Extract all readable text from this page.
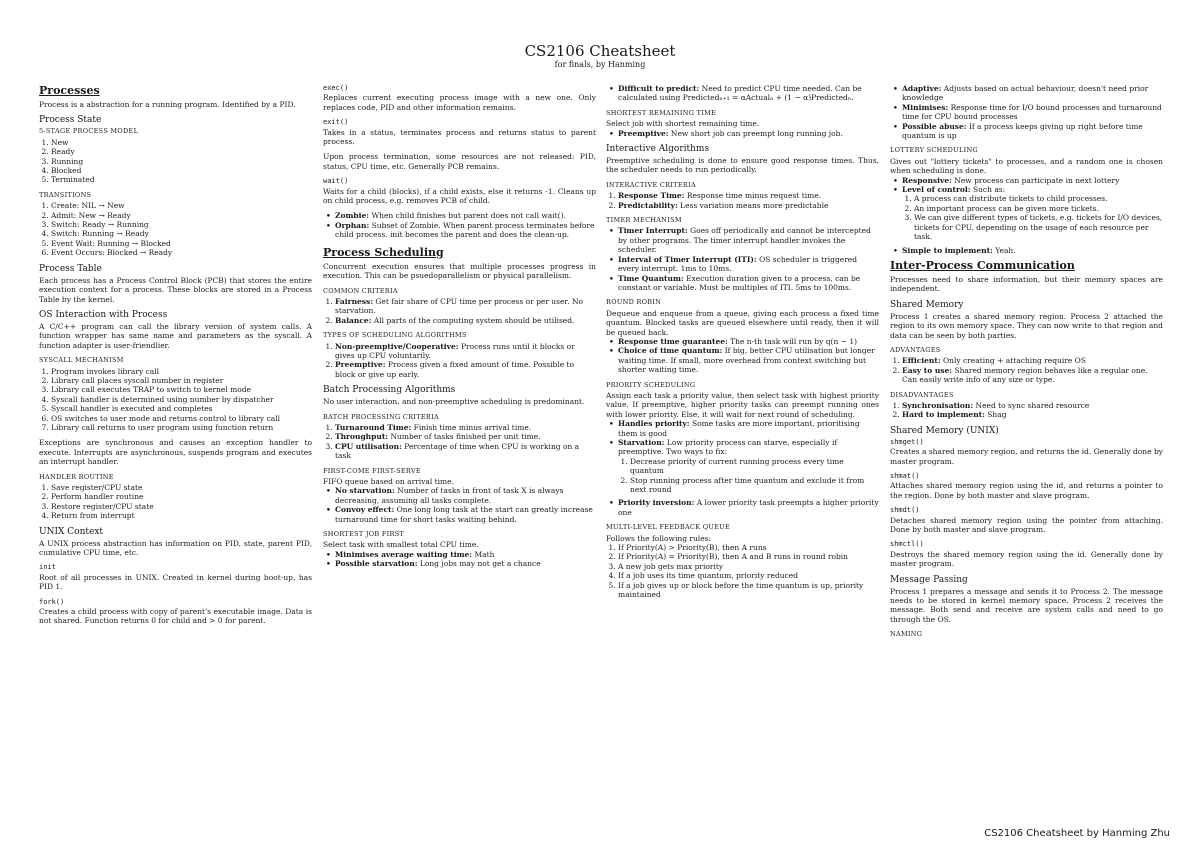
CS2106 Cheatsheet
for finals, by Hanming
Processes

Process is a abstraction for a running program. Identified by a PID.

Process State
5-STAGE PROCESS MODEL
1. New
2. Ready
3. Running
4. Blocked
5. Terminated
TRANSITIONS
1. Create: NIL → New
2. Admit: New → Ready
3. Switch: Ready → Running
4. Switch: Running → Ready
5. Event Wait: Running → Blocked
6. Event Occurs: Blocked → Ready
Process Table

Each process has a Process Control Block (PCB) that stores the entire execution context for a process. These blocks are stored in a Process Table by the kernel.

OS Interaction with Process

A C/C++ program can call the library version of system calls. A function wrapper has same name and parameters as the syscall. A function adapter is user-friendlier.

SYSCALL MECHANISM
1. Program invokes library call
2. Library call places syscall number in register
3. Library call executes TRAP to switch to kernel mode
4. Syscall handler is determined using number by dispatcher
5. Syscall handler is executed and completes
6. OS switches to user mode and returns control to library call
7. Library call returns to user program using function return

Exceptions are synchronous and causes an exception handler to execute. Interrupts are asynchronous, suspends program and executes an interrupt handler.

HANDLER ROUTINE
1. Save register/CPU state
2. Perform handler routine
3. Restore register/CPU state
4. Return from interrupt
UNIX Context

A UNIX process abstraction has information on PID, state, parent PID, cumulative CPU time, etc.

init

Root of all processes in UNIX. Created in kernel during boot-up, has PID 1.

fork()

Creates a child process with copy of parent's executable image. Data is not shared. Function returns 0 for child and > 0 for parent.

exec()

Replaces current executing process image with a new one. Only replaces code, PID and other information remains.

exit()

Takes in a status, terminates process and returns status to parent process.

Upon process termination, some resources are not released: PID, status, CPU time, etc. Generally PCB remains.

wait()

Waits for a child (blocks), if a child exists, else it returns -1. Cleans up on child process, e.g. removes PCB of child.

• Zombie: When child finishes but parent does not call wait().
• Orphan: Subset of Zombie. When parent process terminates before child process. init becomes the parent and does the clean-up.
Process Scheduling

Concurrent execution ensures that multiple processes progress in execution. This can be psuedoparallelism or physical parallelism.

COMMON CRITERIA
1. Fairness: Get fair share of CPU time per process or per user. No starvation.
2. Balance: All parts of the computing system should be utilised.
TYPES OF SCHEDULING ALGORITHMS
1. Non-preemptive/Cooperative: Process runs until it blocks or gives up CPU voluntarily.
2. Preemptive: Process given a fixed amount of time. Possible to block or give up early.
Batch Processing Algorithms

No user interaction, and non-preemptive scheduling is predominant.

BATCH PROCESSING CRITERIA
1. Turnaround Time: Finish time minus arrival time.
2. Throughput: Number of tasks finished per unit time.
3. CPU utilisation: Percentage of time when CPU is working on a task
FIRST-COME FIRST-SERVE

FIFO queue based on arrival time.

• No starvation: Number of tasks in front of task X is always decreasing, assuming all tasks complete.
• Convoy effect: One long long task at the start can greatly increase turnaround time for short tasks waiting behind.
SHORTEST JOB FIRST

Select task with smallest total CPU time.

• Minimises average waiting time: Math
• Possible starvation: Long jobs may not get a chance
• Difficult to predict: Need to predict CPU time needed. Can be calculated using Predictedₙ₊₁ = αActualₙ + (1 − α)Predictedₙ.
SHORTEST REMAINING TIME

Select job with shortest remaining time.

• Preemptive: New short job can preempt long running job.
Interactive Algorithms

Preemptive scheduling is done to ensure good response times. Thus, the scheduler needs to run periodically.

INTERACTIVE CRITERIA
1. Response Time: Response time minus request time.
2. Predictability: Less variation means more predictable
TIMER MECHANISM
• Timer Interrupt: Goes off periodically and cannot be intercepted by other programs. The timer interrupt handler invokes the scheduler.
• Interval of Timer Interrupt (ITI): OS scheduler is triggered every interrupt. 1ms to 10ms.
• Time Quantum: Execution duration given to a process, can be constant or variable. Must be multiples of ITI. 5ms to 100ms.
ROUND ROBIN

Dequeue and enqueue from a queue, giving each process a fixed time quantum. Blocked tasks are queued elsewhere until ready, then it will be queued back.

• Response time guarantee: The n-th task will run by q(n − 1)
• Choice of time quantum: If big, better CPU utilisation but longer waiting time. If small, more overhead from context switching but shorter waiting time.
PRIORITY SCHEDULING

Assign each task a priority value, then select task with highest priority value. If preemptive, higher priority tasks can preempt running ones with lower priority. Else, it will wait for next round of scheduling.

• Handles priority: Some tasks are more important, prioritising them is good
• Starvation: Low priority process can starve, especially if preemptive. Two ways to fix:
1. Decrease priority of current running process every time quantum
2. Stop running process after time quantum and exclude it from next round
• Priority inversion: A lower priority task preempts a higher priority one
MULTI-LEVEL FEEDBACK QUEUE

Follows the following rules:

1. If Priority(A) > Priority(B), then A runs
2. If Priority(A) = Priority(B), then A and B runs in round robin
3. A new job gets max priority
4. If a job uses its time quantum, priority reduced
5. If a job gives up or block before the time quantum is up, priority maintained
• Adaptive: Adjusts based on actual behaviour, doesn't need prior knowledge
• Minimises: Response time for I/O bound processes and turnaround time for CPU bound processes
• Possible abuse: If a process keeps giving up right before time quantum is up
LOTTERY SCHEDULING

Gives out "lottery tickets" to processes, and a random one is chosen when scheduling is done.

• Responsive: New process can participate in next lottery
• Level of control: Such as:
1. A process can distribute tickets to child processes.
2. An important process can be given more tickets.
3. We can give different types of tickets, e.g. tickets for I/O devices, tickets for CPU, depending on the usage of each resource per task.
• Simple to implement: Yeah.
Inter-Process Communication

Processes need to share information, but their memory spaces are independent.

Shared Memory

Process 1 creates a shared memory region. Process 2 attached the region to its own memory space. They can now write to that region and data can be seen by both parties.

ADVANTAGES
1. Efficient: Only creating + attaching require OS
2. Easy to use: Shared memory region behaves like a regular one. Can easily write info of any size or type.
DISADVANTAGES
1. Synchronisation: Need to sync shared resource
2. Hard to implement: Shag
Shared Memory (UNIX)
shmget()

Creates a shared memory region, and returns the id. Generally done by master program.

shmat()

Attaches shared memory region using the id, and returns a pointer to the region. Done by both master and slave program.

shmdt()

Detaches shared memory region using the pointer from attaching. Done by both master and slave program.

shmctl()

Destroys the shared memory region using the id. Generally done by master program.

Message Passing

Process 1 prepares a message and sends it to Process 2. The message needs to be stored in kernel memory space. Process 2 receives the message. Both send and receive are system calls and need to go through the OS.

NAMING
CS2106 Cheatsheet by Hanming Zhu
